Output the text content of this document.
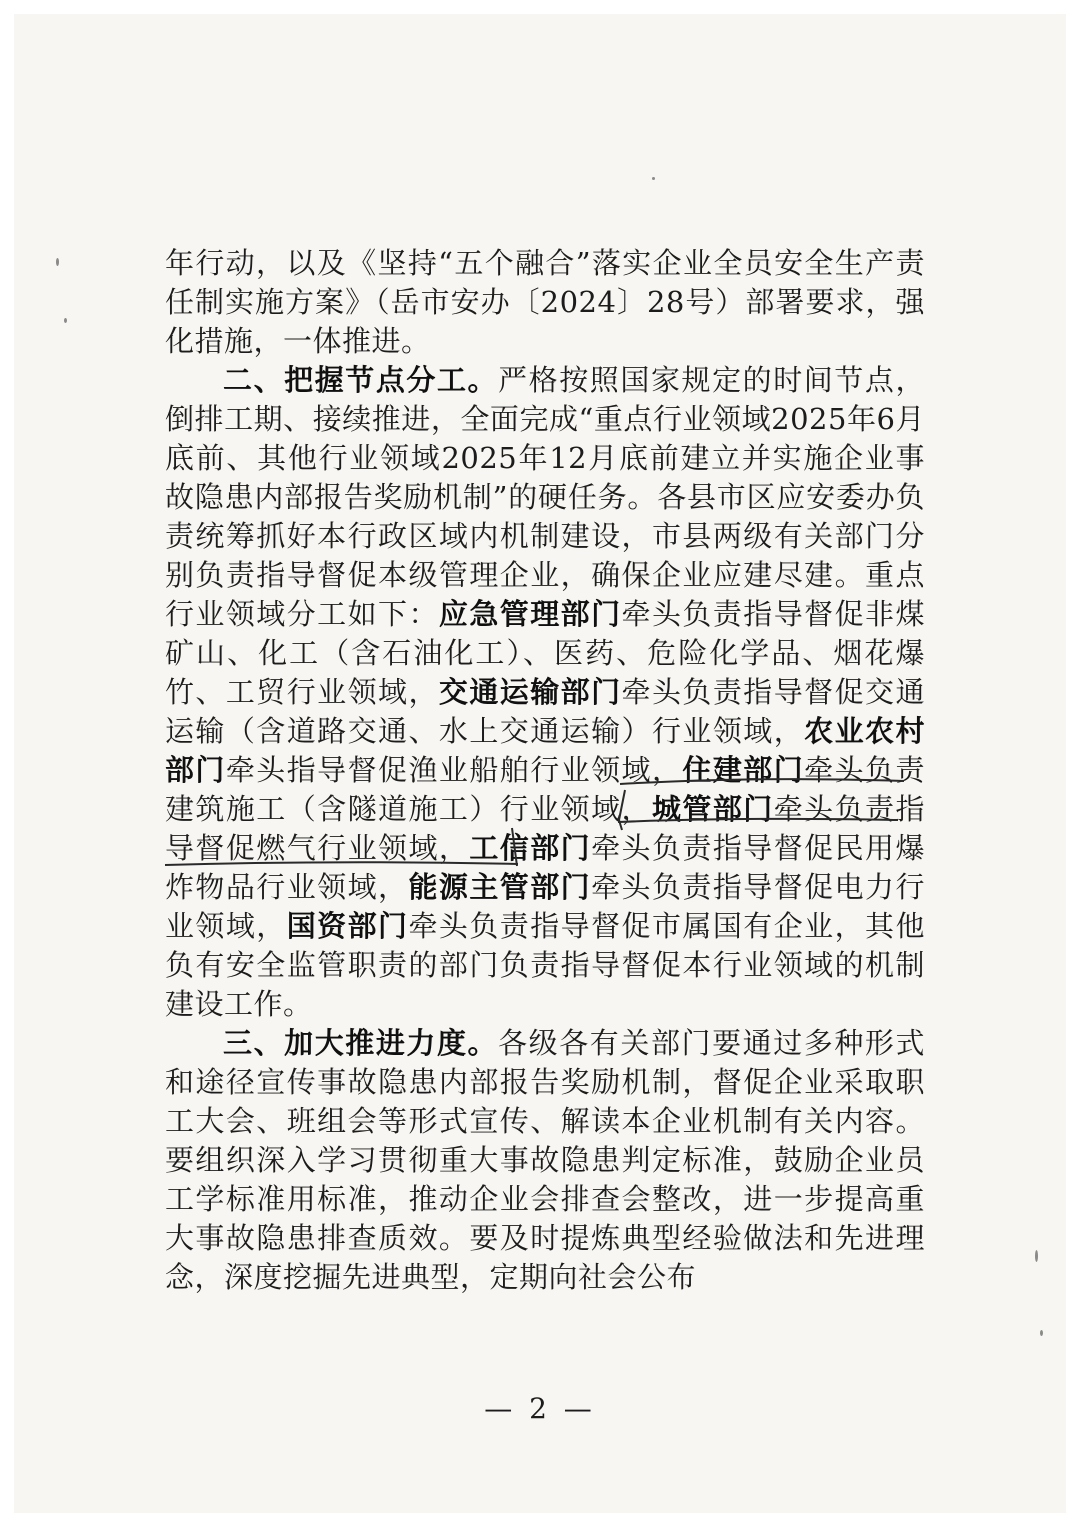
年行动，以及《坚持“五个融合”落实企业全员安全生产责任制实施方案》（岳市安办〔2024〕28号）部署要求，强化措施，一体推进。

二、把握节点分工。严格按照国家规定的时间节点，倒排工期、接续推进，全面完成“重点行业领域2025年6月底前、其他行业领域2025年12月底前建立并实施企业事故隐患内部报告奖励机制”的硬任务。各县市区应安委办负责统筹抓好本行政区域内机制建设，市县两级有关部门分别负责指导督促本级管理企业，确保企业应建尽建。重点行业领域分工如下：应急管理部门牵头负责指导督促非煤矿山、化工（含石油化工）、医药、危险化学品、烟花爆竹、工贸行业领域，交通运输部门牵头负责指导督促交通运输（含道路交通、水上交通运输）行业领域，农业农村部门牵头指导督促渔业船舶行业领域，住建部门牵头负责建筑施工（含隧道施工）行业领域，城管部门牵头负责指导督促燃气行业领域，工信部门牵头负责指导督促民用爆炸物品行业领域，能源主管部门牵头负责指导督促电力行业领域，国资部门牵头负责指导督促市属国有企业，其他负有安全监管职责的部门负责指导督促本行业领域的机制建设工作。

三、加大推进力度。各级各有关部门要通过多种形式和途径宣传事故隐患内部报告奖励机制，督促企业采取职工大会、班组会等形式宣传、解读本企业机制有关内容。要组织深入学习贯彻重大事故隐患判定标准，鼓励企业员工学标准用标准，推动企业会排查会整改，进一步提高重大事故隐患排查质效。要及时提炼典型经验做法和先进理念，深度挖掘先进典型，定期向社会公布

— 2 —
